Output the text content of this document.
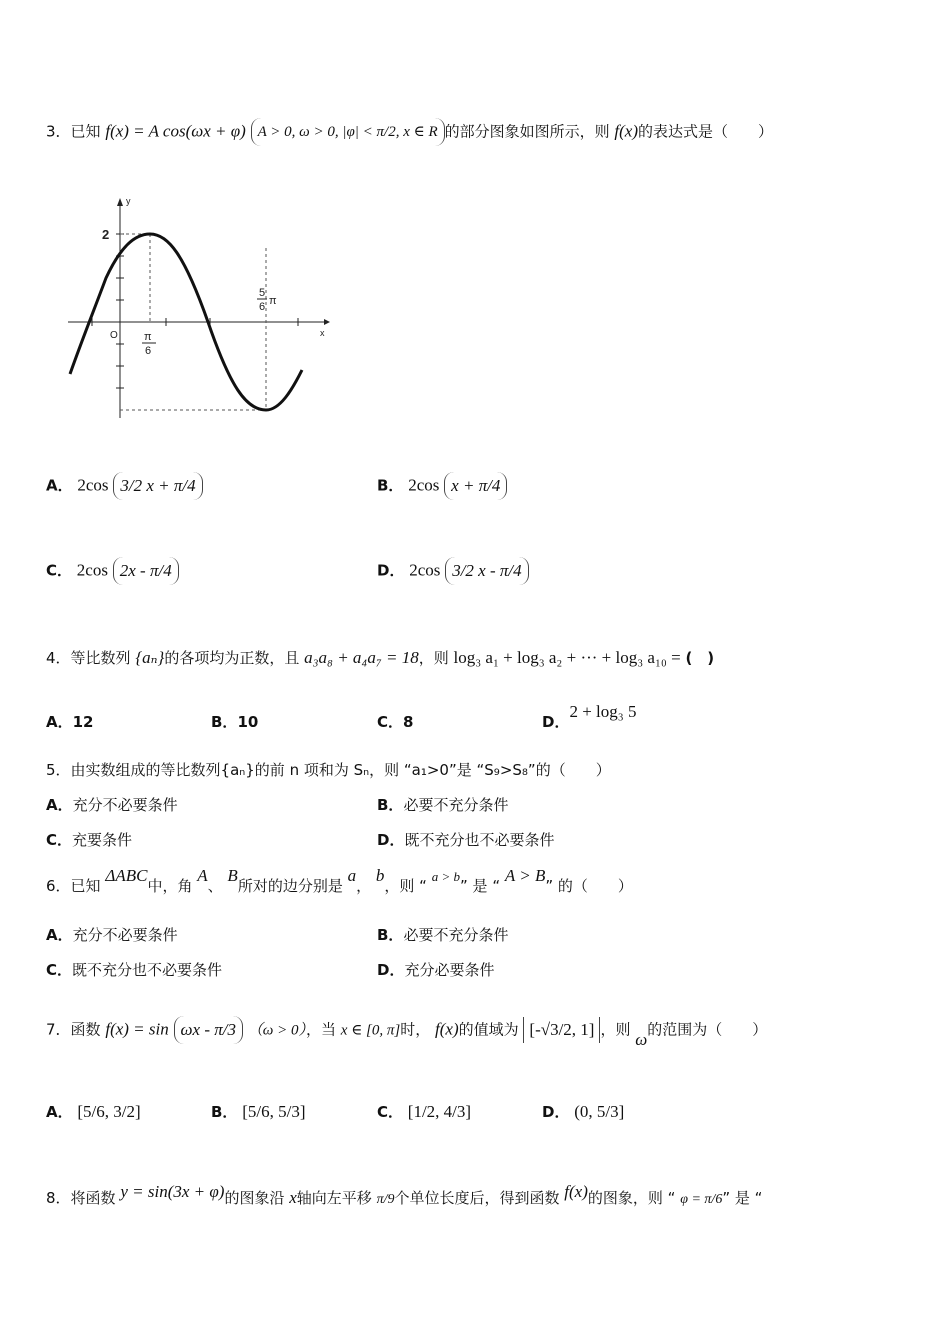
3．已知 f(x) = A cos(ωx + φ) A > 0, ω > 0, |φ| < π/2, x ∈ R 的部分图象如图所示，则 f(x)的表达式是（　　）
y
x
O
2
π
6
5
6 π
A． 2cos 3/2 x + π/4	B． 2cos x + π/4
C． 2cos 2x - π/4	D． 2cos 3/2 x - π/4
4．等比数列 {aₙ}的各项均为正数，且 a₃a₈ + a₄a₇ = 18，则 log₃ a₁ + log₃ a₂ + ··· + log₃ a₁₀ = (　)
A．12	B．10	C．8	D．2 + log₃ 5
5．由实数组成的等比数列{aₙ}的前 n 项和为 Sₙ，则 “a₁>0”是 “S₉>S₈”的（　　）
A．充分不必要条件	B．必要不充分条件
C．充要条件	D．既不充分也不必要条件
6．已知 ΔABC中，角 A、 B所对的边分别是 a， b，则 “ a > b” 是 “ A > B” 的（　　）
A．充分不必要条件	B．必要不充分条件
C．既不充分也不必要条件	D．充分必要条件
7．函数 f(x) = sin ωx - π/3 （ω > 0），当 x ∈ [0, π]时， f(x)的值域为 [-√3/2, 1] ，则 ω的范围为（　　）
A． [5/6, 3/2]	B． [5/6, 5/3]	C． [1/2, 4/3]	D． (0, 5/3]
8．将函数 y = sin(3x + φ)的图象沿 x轴向左平移 π/9个单位长度后，得到函数 f(x)的图象，则 “ φ = π/6” 是 “
